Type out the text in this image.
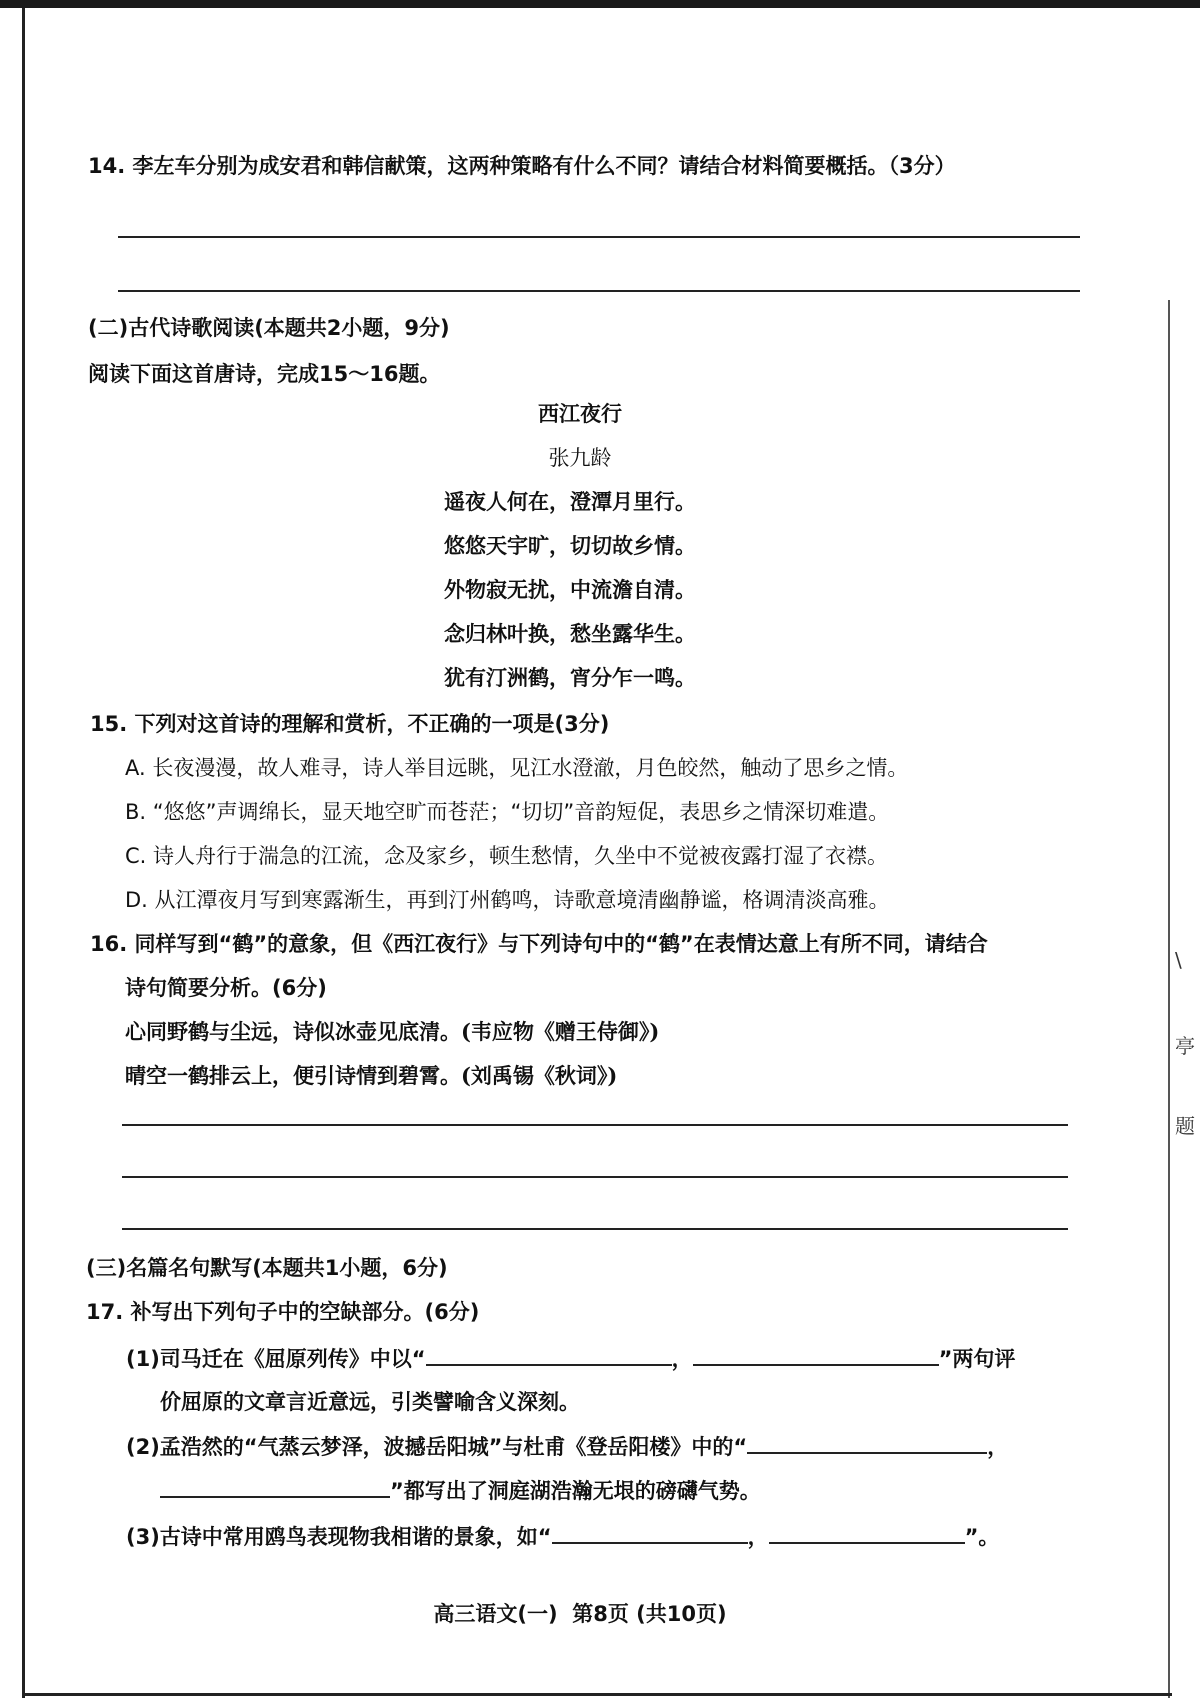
\
亭
题
14. 李左车分别为成安君和韩信献策，这两种策略有什么不同？请结合材料简要概括。（3分）
(二)古代诗歌阅读(本题共2小题，9分)
阅读下面这首唐诗，完成15～16题。
西江夜行
张九龄
遥夜人何在，澄潭月里行。
悠悠天宇旷，切切故乡情。
外物寂无扰，中流澹自清。
念归林叶换，愁坐露华生。
犹有汀洲鹤，宵分乍一鸣。
15. 下列对这首诗的理解和赏析，不正确的一项是(3分)
A. 长夜漫漫，故人难寻，诗人举目远眺，见江水澄澈，月色皎然，触动了思乡之情。
B. “悠悠”声调绵长，显天地空旷而苍茫；“切切”音韵短促，表思乡之情深切难遣。
C. 诗人舟行于湍急的江流，念及家乡，顿生愁情，久坐中不觉被夜露打湿了衣襟。
D. 从江潭夜月写到寒露渐生，再到汀州鹤鸣，诗歌意境清幽静谧，格调清淡高雅。
16. 同样写到“鹤”的意象，但《西江夜行》与下列诗句中的“鹤”在表情达意上有所不同，请结合
诗句简要分析。(6分)
心同野鹤与尘远，诗似冰壶见底清。(韦应物《赠王侍御》)
晴空一鹤排云上，便引诗情到碧霄。(刘禹锡《秋词》)
(三)名篇名句默写(本题共1小题，6分)
17. 补写出下列句子中的空缺部分。(6分)
(1)司马迁在《屈原列传》中以“	，	”两句评
价屈原的文章言近意远，引类譬喻含义深刻。
(2)孟浩然的“气蒸云梦泽，波撼岳阳城”与杜甫《登岳阳楼》中的“	，
”都写出了洞庭湖浩瀚无垠的磅礴气势。
(3)古诗中常用鸥鸟表现物我相谐的景象，如“	，	”。
高三语文(一)  第8页 (共10页)
